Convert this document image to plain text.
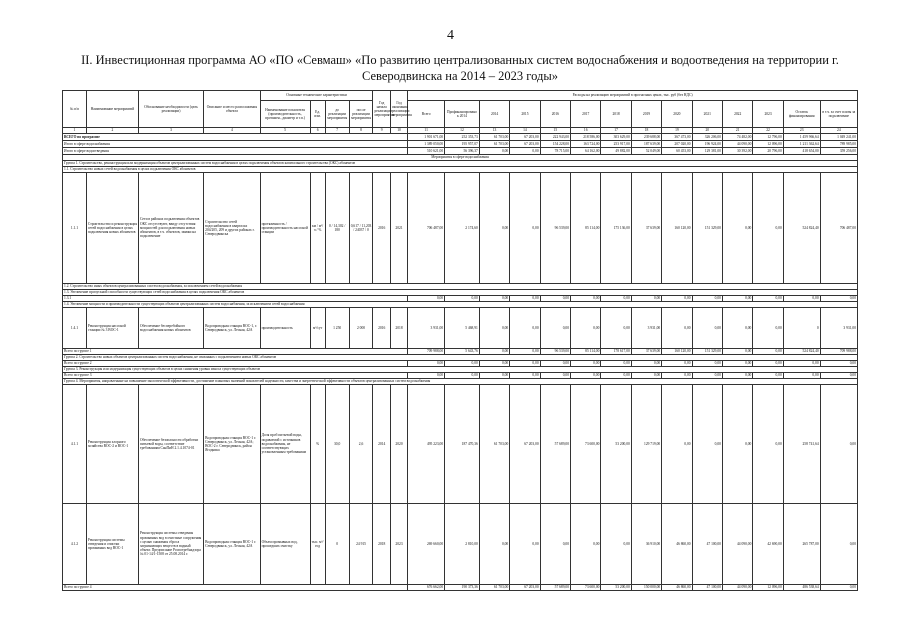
4
II. Инвестиционная программа АО «ПО «Севмаш» «По развитию централизованных систем водоснабжения и водоотведения на территории г. Северодвинска на 2014 – 2023 годы»
№ п/п	Наименование мероприятий	Обоснование необходимости (цель реализации)	Описание и место расположения объекта	Основные технические характеристики				Год начала реализации мероприятия	Год окончания реализации мероприятия	Расходы на реализацию мероприятий в прогнозных ценах, тыс. руб (без НДС)													
				Наименование показателя (производительность, протяжен., диаметр и т.п.)	Ед. изм.	до реализации мероприятия	после реализации мероприятия			Всего	Профинансировано к 2014	2014	2015	2016	2017	2018	2019	2020	2021	2022	2023	Остаток финансирования	в т.ч. за счет платы за подключение
1	2	3	4	5	6	7	8	9	10	11	12	13	14	15	16	17	18	19	20	21	22	23	24
ВСЕГО по программе										1 901 671,00	252 353,73	61 703,00	67 203,00	222 943,00	218 586,00	303 629,00	239 688,00	367 473,00	326 206,00	74 482,00	12 796,00	1 459 966,64	1 049 241,00
Итого в сфере водоснабжения										1 389 050,00	195 957,07	61 703,00	67 203,00	154 228,00	163 724,00	253 917,00	187 639,00	207 020,00	196 924,00	44 090,00	12 096,00	1 211 362,64	789 985,00
Итого в сфере водоотведения										510 621,00	56 396,37	0,00	0,00	78 715,00	64 162,00	49 882,00	52 049,00	60 453,00	129 381,00	30 392,00	20 796,00	418 654,00	359 256,00
Мероприятия в сфере водоснабжения																							
Группа 1. Строительство, реконструкция или модернизация объектов централизованных систем водоснабжения в целях подключения объектов капитального строительства (ОКС) абонентов																							
1.1. Строительство новых сетей водоснабжения в целях подключения ОКС абонентов																							
1.1.1	Строительство и реконструкция сетей водоснабжения в целях подключения новых абонентов	Сети в районах подключения объектов ОКС отсутствуют, ввиду отсутствия мощностей для подключения новых абонентов, в т.ч. объектов, заявки на подключение	Строительство сетей водоснабжения в кварталах 204/205, 209 и других районах г. Северодвинска	протяженность / производительность насосной станции	км / м³/ч / %	0 / 14,302 / 180	0,617 / 11,203 / 24037 / 0	2016	2021	706 487,00	2 174,60	0,00	0,00	96 539,00	85 114,00	175 136,00	37 639,00	160 120,00	151 329,00	0,00	0,00	524 824,40	706 487,00
1.2. Строительство иных объектов централизованных систем водоснабжения, за исключением сетей водоснабжения																							
1.3. Увеличение пропускной способности существующих сетей водоснабжения в целях подключения ОКС абонентов																							
1.3.1										0,00	0,00	0,00	0,00	0,00	0,00	0,00	0,00	0,00	0,00	0,00	0,00	0,00	0,00
1.4. Увеличение мощности и производительности существующих объектов централизованных систем водоснабжения, за исключением сетей водоснабжения																							
1.4.1	Реконструкция насосной станции № 3 ВОС-1	Обеспечение бесперебойного водоснабжения новых абонентов	Водопроводная станция ВОС-1, г. Северодвинск, ул. Лесная, 42А	производительность	м³/сут	1 250	2 000	2016	2018	3 931,00	5 468,91	0,00	0,00	0,00	0,00	0,00	3 931,00	0,00	0,00	0,00	0,00	0	3 931,00
Всего по группе 1										709 988,00	5 643,76	0,00	0,00	96 539,00	85 114,00	178 617,00	37 639,00	160 120,00	151 329,00	0,00	0,00	524 824,40	709 988,00
Группа 2. Строительство новых объектов централизованных систем водоснабжения, не связанных с подключением новых ОКС абонентов																							
Всего по группе 2										0,00	0,00	0,00	0,00	0,00	0,00	0,00	0,00	0,00	0,00	0,00	0,00	0,00	0,00
Группа 3. Реконструкция или модернизация существующих объектов в целях снижения уровня износа существующих объектов																							
Всего по группе 3										0,00	0,00	0,00	0,00	0,00	0,00	0,00	0,00	0,00	0,00	0,00	0,00	0,00	0,00
Группа 4. Мероприятия, направленные на повышение экологической эффективности, достижение плановых значений показателей надежности, качества и энергетической эффективности объектов централизованных систем водоснабжения																							
4.1.1	Реконструкция хлорного хозяйства ВОС-2 и ВОС-1	Обеспечение безопасности обработки питьевой воды, соответствие требованиям СанПиН 2.1.4.1074-01	Водопроводная станция ВОС-1 г. Северодвинск, ул. Лесная, 42А; ВОС-2 г. Северодвинск, район Ягодника	Доля проб питьевой воды, подаваемой с источников водоснабжения, не соответствующих установленным требованиям	%	30,0	2,6	2014	2020	495 223,00	187 470,36	61 703,00	67 203,00	57 689,00	73 600,00	53 200,00	129 719,00	0,00	0,00	0,00	0,00	258 741,64	0,00
4.1.2	Реконструкция системы отведения и очистки промывных вод ВОС-1	Реконструкция системы отведения промывных вод в очистные сооружения с целью снижения сброса загрязняющих веществ в водный объект. Предписание Роспотребнадзора № 01-14/1-1508 от 25.08.2014 г.	Водопроводная станция ВОС-1 г. Северодвинск, ул. Лесная, 42А	Объем промывных вод, прошедших очистку	тыс. м³/год	0	24 915	2018	2023	269 660,00	2 810,00	0,00	0,00	0,00	0,00	0,00	36 910,00	46 860,00	47 100,00	44 090,00	42 690,00	265 787,00	0,00
Всего по группе 4										676 662,00	190 373,36	61 703,00	67 203,00	57 689,00	73 600,00	53 200,00	150 000,00	46 860,00	47 100,00	44 090,00	12 096,00	486 538,64	0,00
